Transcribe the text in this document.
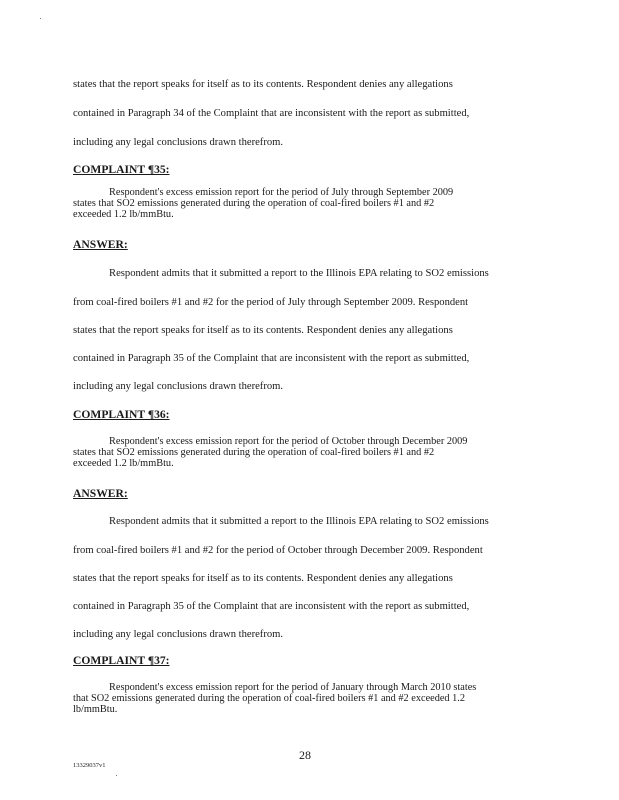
states that the report speaks for itself as to its contents. Respondent denies any allegations
contained in Paragraph 34 of the Complaint that are inconsistent with the report as submitted,
including any legal conclusions drawn therefrom.
COMPLAINT ¶35:
Respondent's excess emission report for the period of July through September 2009
states that SO2 emissions generated during the operation of coal-fired boilers #1 and #2
exceeded 1.2 lb/mmBtu.
ANSWER:
Respondent admits that it submitted a report to the Illinois EPA relating to SO2 emissions
from coal-fired boilers #1 and #2 for the period of July through September 2009. Respondent
states that the report speaks for itself as to its contents. Respondent denies any allegations
contained in Paragraph 35 of the Complaint that are inconsistent with the report as submitted,
including any legal conclusions drawn therefrom.
COMPLAINT ¶36:
Respondent's excess emission report for the period of October through December 2009
states that SO2 emissions generated during the operation of coal-fired boilers #1 and #2
exceeded 1.2 lb/mmBtu.
ANSWER:
Respondent admits that it submitted a report to the Illinois EPA relating to SO2 emissions
from coal-fired boilers #1 and #2 for the period of October through December 2009. Respondent
states that the report speaks for itself as to its contents. Respondent denies any allegations
contained in Paragraph 35 of the Complaint that are inconsistent with the report as submitted,
including any legal conclusions drawn therefrom.
COMPLAINT ¶37:
Respondent's excess emission report for the period of January through March 2010 states
that SO2 emissions generated during the operation of coal-fired boilers #1 and #2 exceeded 1.2
lb/mmBtu.
28
13329037v1
